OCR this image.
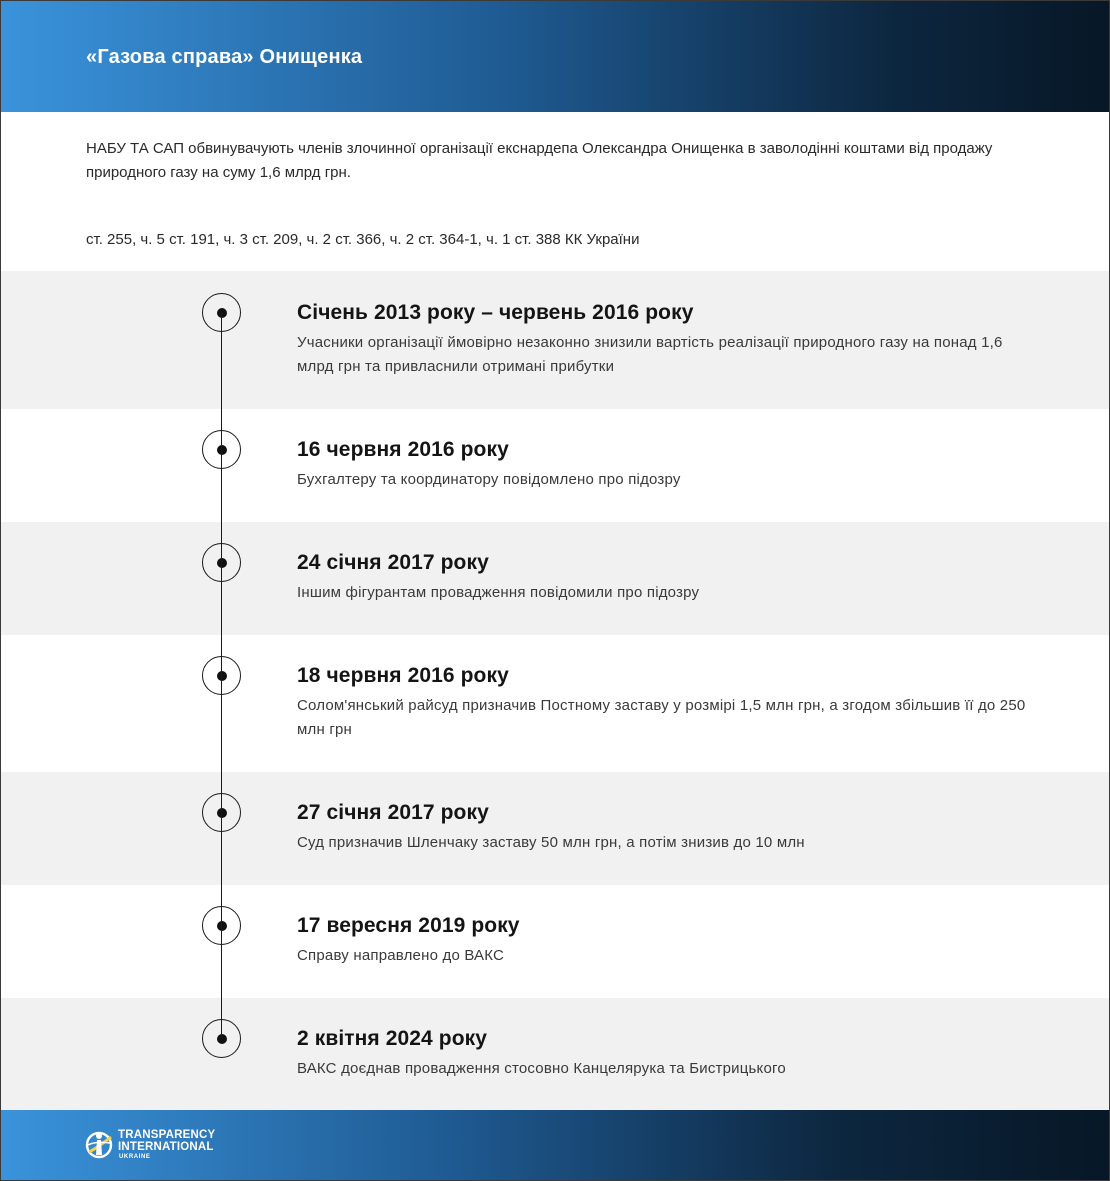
«Газова справа» Онищенка
НАБУ ТА САП обвинувачують членів злочинної організації екснардепа Олександра Онищенка в заволодінні коштами від продажу природного газу на суму 1,6 млрд грн.
ст. 255, ч. 5 ст. 191, ч. 3 ст. 209, ч. 2 ст. 366, ч. 2 ст. 364-1, ч. 1 ст. 388 КК України
Січень 2013 року – червень 2016 року
Учасники організації ймовірно незаконно знизили вартість реалізації природного газу на понад 1,6 млрд грн та привласнили отримані прибутки
16 червня 2016 року
Бухгалтеру та координатору повідомлено про підозру
24 січня 2017 року
Іншим фігурантам провадження повідомили про підозру
18 червня 2016 року
Солом'янський райсуд призначив Постному заставу у розмірі 1,5 млн грн, а згодом збільшив її до 250 млн грн
27 січня 2017 року
Суд призначив Шленчаку заставу 50 млн грн, а потім знизив до 10 млн
17 вересня 2019 року
Справу направлено до ВАКС
2 квітня 2024 року
ВАКС доєднав провадження стосовно Канцелярука та Бистрицького
TRANSPARENCY
INTERNATIONAL
UKRAINE
